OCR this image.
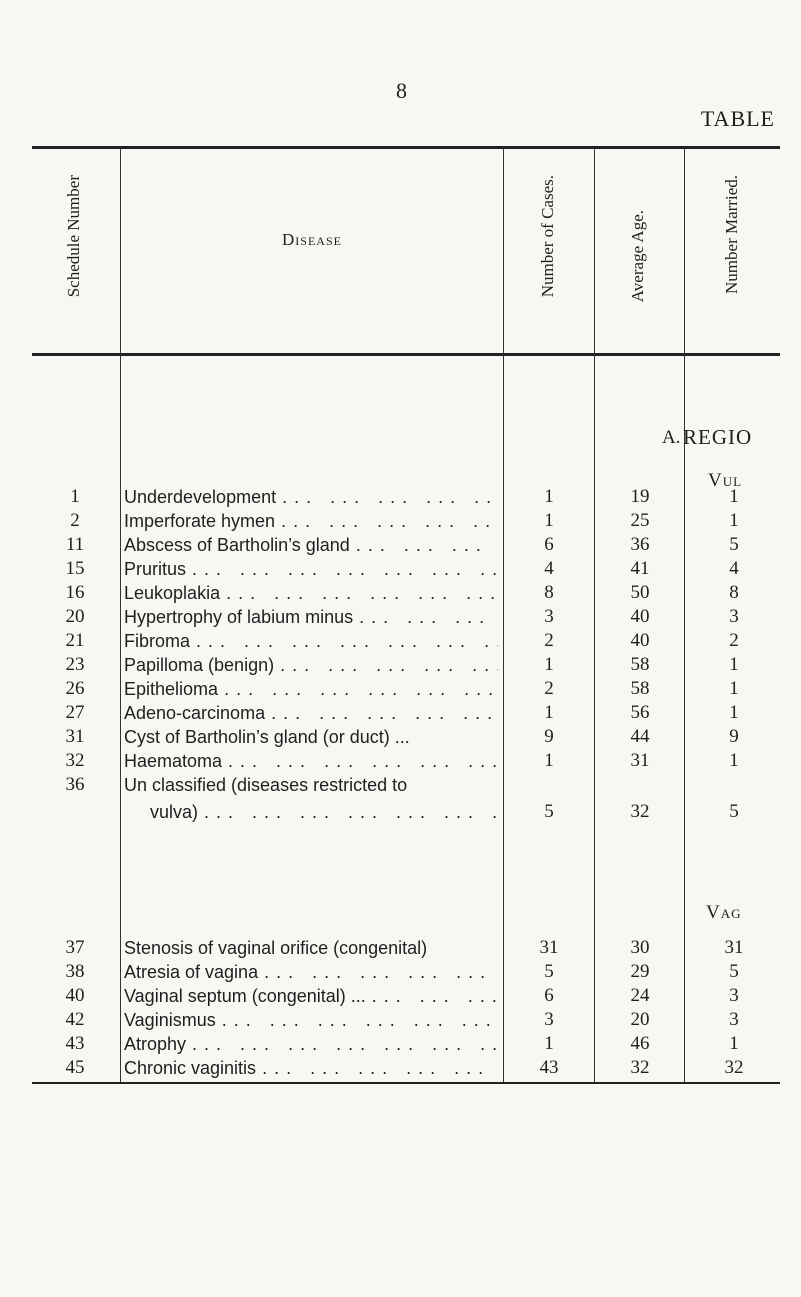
8
TABLE
Schedule Number	Disease	Number of Cases.	Average Age.	Number Married.
A. REGIO
Vul
1	Underdevelopment . . .	1	19	1
2	Imperforate hymen . . .	1	25	1
11	Abscess of Bartholin’s gland . . .	6	36	5
15	Pruritus . . .	4	41	4
16	Leukoplakia . . .	8	50	8
20	Hypertrophy of labium minus . . .	3	40	3
21	Fibroma . . .	2	40	2
23	Papilloma (benign) . . .	1	58	1
26	Epithelioma . . .	2	58	1
27	Adeno-carcinoma . . .	1	56	1
31	Cyst of Bartholin’s gland (or duct) ...	9	44	9
32	Haematoma . . .	1	31	1
36	Un classified (diseases restricted to
vulva) . . .	5	32	5
Vag
37	Stenosis of vaginal orifice (congenital)	31	30	31
38	Atresia of vagina . . .	5	29	5
40	Vaginal septum (congenital) ... . . .	6	24	3
42	Vaginismus . . .	3	20	3
43	Atrophy . . .	1	46	1
45	Chronic vaginitis . . .	43	32	32
